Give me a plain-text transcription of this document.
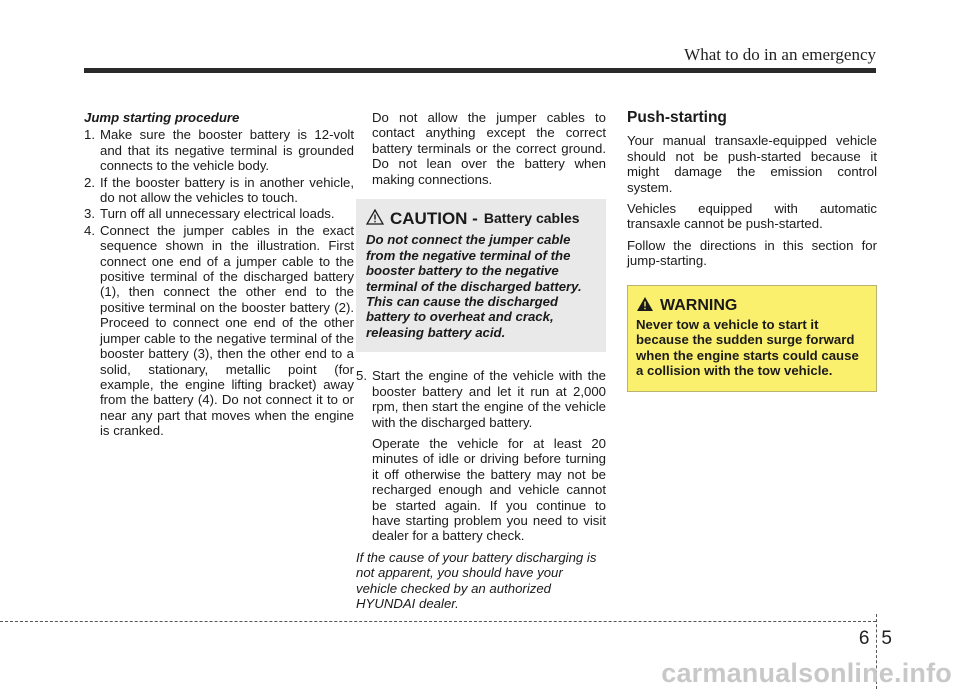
What to do in an emergency
Jump starting procedure
1. Make sure the booster battery is 12-volt and that its negative terminal is grounded connects to the vehicle body.
2. If the booster battery is in another vehicle, do not allow the vehicles to touch.
3. Turn off all unnecessary electrical loads.
4. Connect the jumper cables in the exact sequence shown in the illustration. First connect one end of a jumper cable to the positive terminal of the discharged battery (1), then connect the other end to the positive terminal on the booster battery (2). Proceed to connect one end of the other jumper cable to the negative terminal of the booster battery (3), then the other end to a solid, stationary, metallic point (for example, the engine lifting bracket) away from the battery (4). Do not connect it to or near any part that moves when the engine is cranked.

Do not allow the jumper cables to contact anything except the correct battery terminals or the correct ground. Do not lean over the battery when making connections.

CAUTION - Battery cables
Do not connect the jumper cable from the negative terminal of the booster battery to the negative terminal of the discharged battery. This can cause the discharged battery to overheat and crack, releasing battery acid.
5. Start the engine of the vehicle with the booster battery and let it run at 2,000 rpm, then start the engine of the vehicle with the discharged battery.

Operate the vehicle for at least 20 minutes of idle or driving before turning it off otherwise the battery may not be recharged enough and vehicle cannot be started again. If you continue to have starting problem you need to visit dealer for a battery check.

If the cause of your battery discharging is not apparent, you should have your vehicle checked by an authorized HYUNDAI dealer.
Push-starting

Your manual transaxle-equipped vehicle should not be push-started because it might damage the emission control system.

Vehicles equipped with automatic transaxle cannot be push-started.

Follow the directions in this section for jump-starting.

WARNING
Never tow a vehicle to start it because the sudden surge forward when the engine starts could cause a collision with the tow vehicle.
6 5
carmanualsonline.info
